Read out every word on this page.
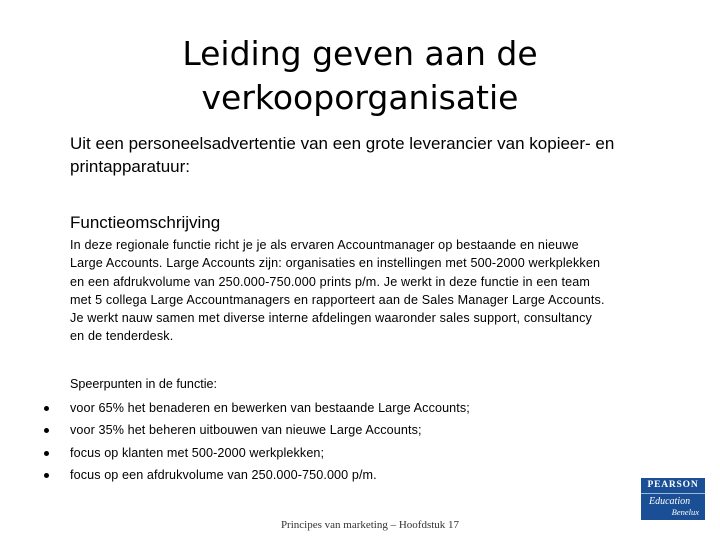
Leiding geven aan de
verkooporganisatie
Uit een personeelsadvertentie van een grote leverancier van kopieer- en printapparatuur:
Functieomschrijving
In deze regionale functie richt je je als ervaren Accountmanager op bestaande en nieuwe
Large Accounts. Large Accounts zijn: organisaties en instellingen met 500-2000 werkplekken
en een afdrukvolume van 250.000-750.000 prints p/m. Je werkt in deze functie in een team
met 5 collega Large Accountmanagers en rapporteert aan de Sales Manager Large Accounts.
Je werkt nauw samen met diverse interne afdelingen waaronder sales support, consultancy
en de tenderdesk.
Speerpunten in de functie:
voor 65% het benaderen en bewerken van bestaande Large Accounts;
voor 35% het beheren uitbouwen van nieuwe Large Accounts;
focus op klanten met 500-2000 werkplekken;
focus op een afdrukvolume van 250.000-750.000 p/m.
Principes van marketing – Hoofdstuk 17
PEARSON
Education
Benelux
